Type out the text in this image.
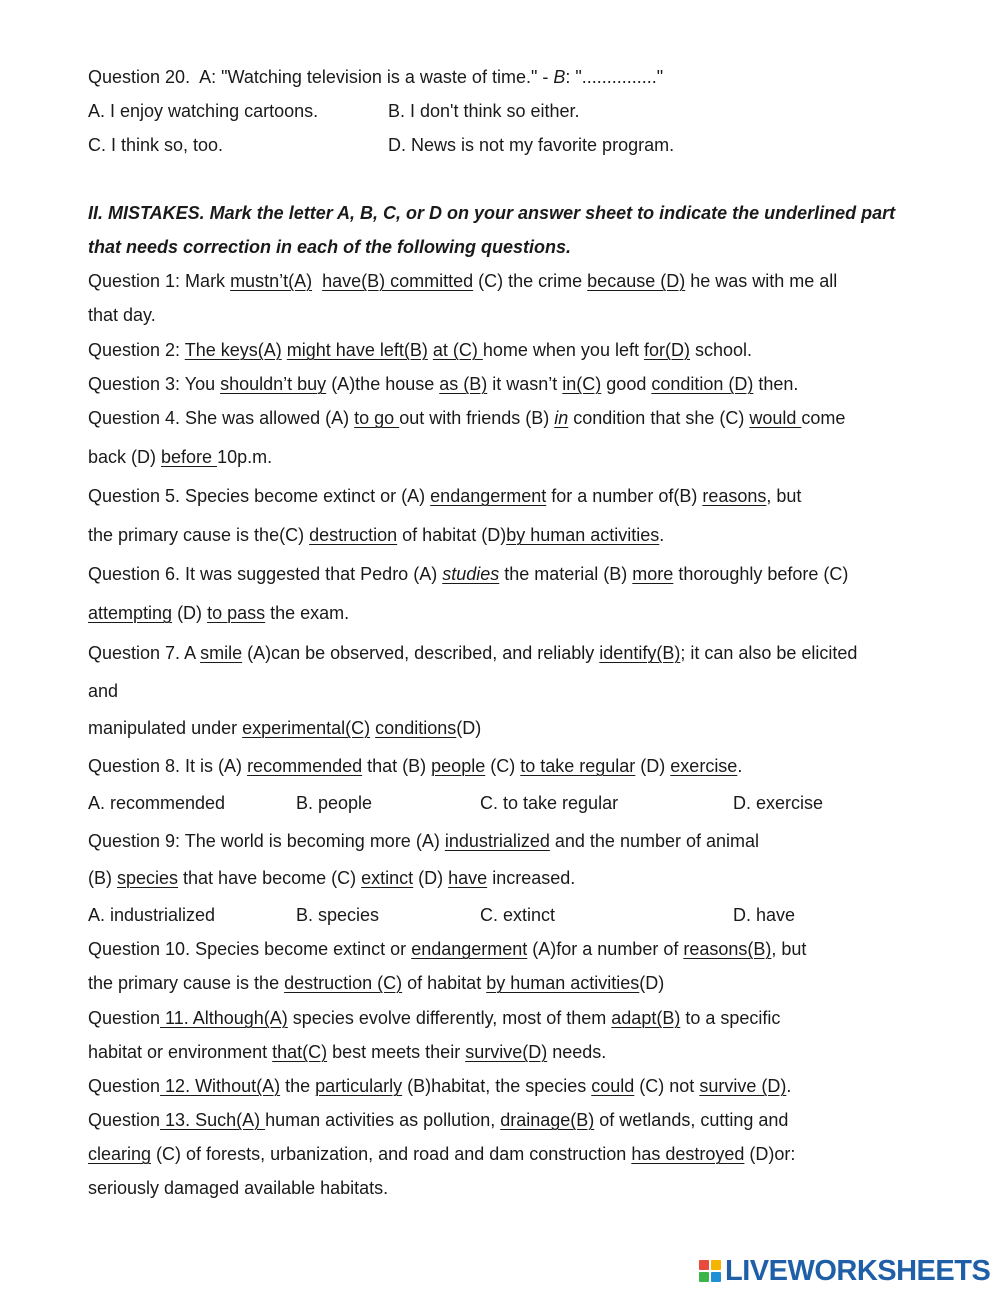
Question 20. A: "Watching television is a waste of time." - B: "..............."
A. I enjoy watching cartoons.	B. I don't think so either.
C. I think so, too.	D. News is not my favorite program.
II. MISTAKES. Mark the letter A, B, C, or D on your answer sheet to indicate the underlined part
that needs correction in each of the following questions.
Question 1: Mark mustn’t(A) have(B) committed (C) the crime because (D) he was with me all
that day.
Question 2: The keys(A) might have left(B) at (C) home when you left for(D) school.
Question 3: You shouldn’t buy (A)the house as (B) it wasn’t in(C) good condition (D) then.
Question 4. She was allowed (A) to go out with friends (B) in condition that she (C) would come
back (D) before 10p.m.
Question 5. Species become extinct or (A) endangerment for a number of(B) reasons, but
the primary cause is the(C) destruction of habitat (D)by human activities.
Question 6. It was suggested that Pedro (A) studies the material (B) more thoroughly before (C)
attempting (D) to pass the exam.
Question 7. A smile (A)can be observed, described, and reliably identify(B); it can also be elicited
and
manipulated under experimental(C) conditions(D)
Question 8. It is (A) recommended that (B) people (C) to take regular (D) exercise.
A. recommended	B. people	C. to take regular	D. exercise
Question 9: The world is becoming more (A) industrialized and the number of animal
(B) species that have become (C) extinct (D) have increased.
A. industrialized	B. species	C. extinct	D. have
Question 10. Species become extinct or endangerment (A)for a number of reasons(B), but
the primary cause is the destruction (C) of habitat by human activities(D)
Question 11. Although(A) species evolve differently, most of them adapt(B) to a specific
habitat or environment that(C) best meets their survive(D) needs.
Question 12. Without(A) the particularly (B)habitat, the species could (C) not survive (D).
Question 13. Such(A) human activities as pollution, drainage(B) of wetlands, cutting and
clearing (C) of forests, urbanization, and road and dam construction has destroyed (D)or:
seriously damaged available habitats.
LIVEWORKSHEETS
